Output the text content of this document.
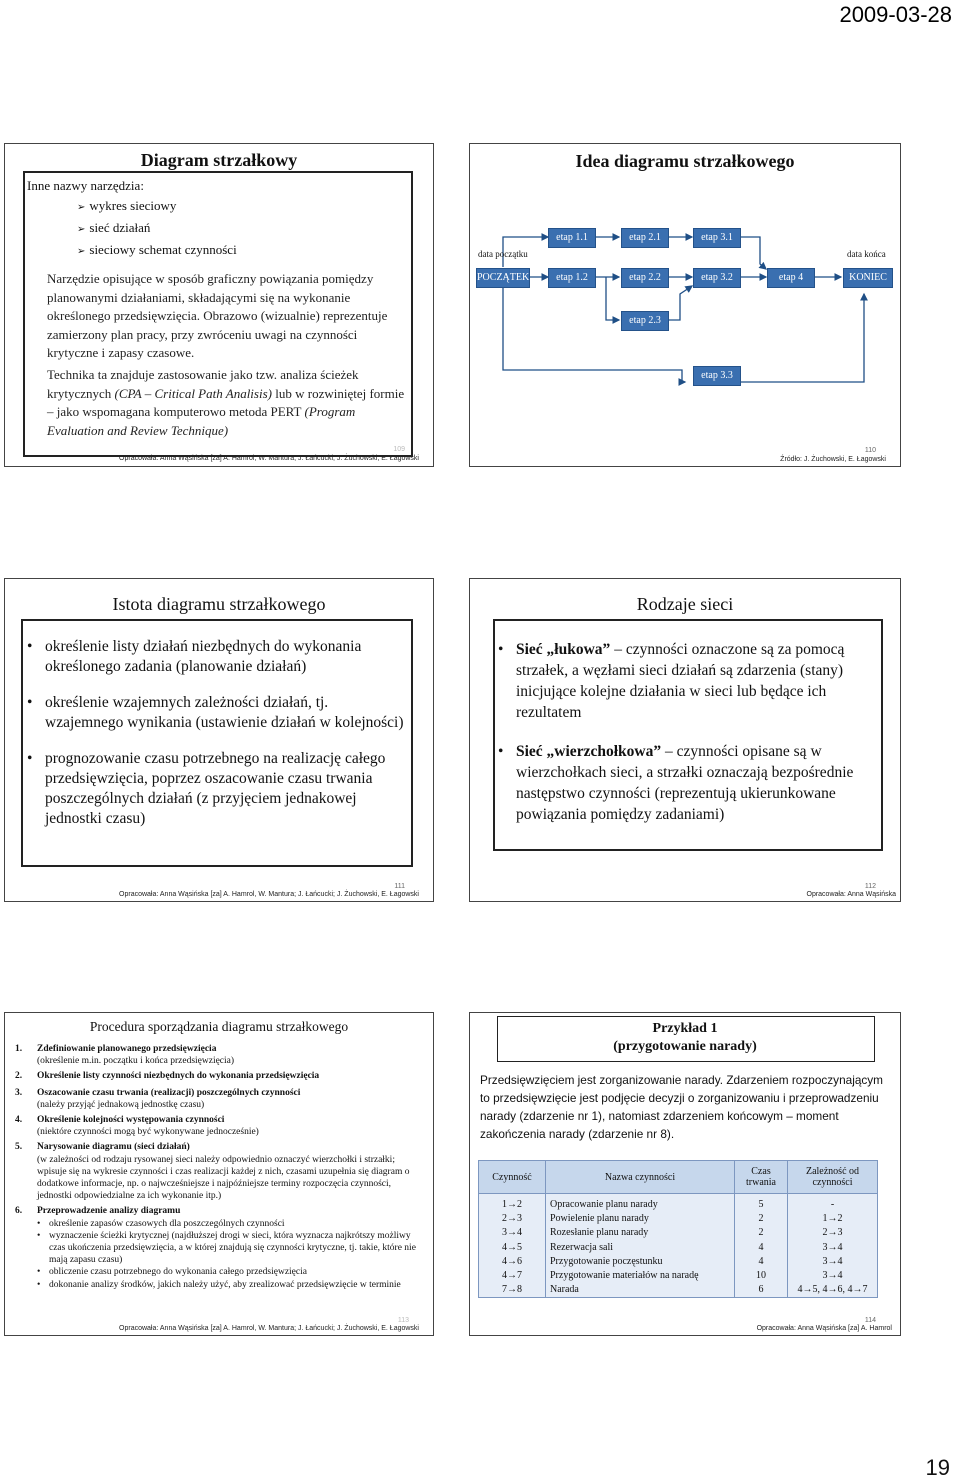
2009-03-28
Diagram strzałkowy
Inne nazwy narzędzia:
➢ wykres sieciowy
➢ sieć działań
➢ sieciowy schemat czynności
Narzędzie opisujące w sposób graficzny powiązania pomiędzy planowanymi działaniami, składającymi się na wykonanie określonego przedsięwzięcia. Obrazowo (wizualnie) reprezentuje zamierzony plan pracy, przy zwróceniu uwagi na czynności krytyczne i zapasy czasowe.
Technika ta znajduje zastosowanie jako tzw. analiza ścieżek krytycznych (CPA – Critical Path Analisis) lub w rozwiniętej formie – jako wspomagana komputerowo metoda PERT (Program Evaluation and Review Technique)
109
Opracowała: Anna Wąsińska [za] A. Hamrol, W. Mantura; J. Łańcucki; J. Żuchowski, E. Łagowski
Idea diagramu strzałkowego
data początku	data końca
POCZĄTEK
etap 1.1	etap 2.1	etap 3.1
etap 1.2	etap 2.2	etap 3.2	etap 4	KONIEC
etap 2.3
etap 3.3
110
Źródło: J. Żuchowski, E. Łagowski
Istota diagramu strzałkowego
• określenie listy działań niezbędnych do wykonania określonego zadania (planowanie działań)
• określenie wzajemnych zależności działań, tj. wzajemnego wynikania (ustawienie działań w kolejności)
• prognozowanie czasu potrzebnego na realizację całego przedsięwzięcia, poprzez oszacowanie czasu trwania poszczególnych działań (z przyjęciem jednakowej jednostki czasu)
111
Opracowała: Anna Wąsińska [za] A. Hamrol, W. Mantura; J. Łańcucki; J. Żuchowski, E. Łagowski
Rodzaje sieci
• Sieć „łukowa” – czynności oznaczone są za pomocą strzałek, a węzłami sieci działań są zdarzenia (stany) inicjujące kolejne działania w sieci lub będące ich rezultatem
• Sieć „wierzchołkowa” – czynności opisane są w wierzchołkach sieci, a strzałki oznaczają bezpośrednie następstwo czynności (reprezentują ukierunkowane powiązania pomiędzy zadaniami)
112
Opracowała: Anna Wąsińska
Procedura sporządzania diagramu strzałkowego
1. Zdefiniowanie planowanego przedsięwzięcia
(określenie m.in. początku i końca przedsięwzięcia)
2. Określenie listy czynności niezbędnych do wykonania przedsięwzięcia
3. Oszacowanie czasu trwania (realizacji) poszczególnych czynności
(należy przyjąć jednakową jednostkę czasu)
4. Określenie kolejności występowania czynności
(niektóre czynności mogą być wykonywane jednocześnie)
5. Narysowanie diagramu (sieci działań)
(w zależności od rodzaju rysowanej sieci należy odpowiednio oznaczyć wierzchołki i strzałki; wpisuje się na wykresie czynności i czas realizacji każdej z nich, czasami uzupełnia się diagram o dodatkowe informacje, np. o najwcześniejsze i najpóźniejsze terminy rozpoczęcia czynności, jednostki odpowiedzialne za ich wykonanie itp.)
6. Przeprowadzenie analizy diagramu
• określenie zapasów czasowych dla poszczególnych czynności
• wyznaczenie ścieżki krytycznej (najdłuższej drogi w sieci, która wyznacza najkrótszy możliwy czas ukończenia przedsięwzięcia, a w której znajdują się czynności krytyczne, tj. takie, które nie mają zapasu czasu)
• obliczenie czasu potrzebnego do wykonania całego przedsięwzięcia
• dokonanie analizy środków, jakich należy użyć, aby zrealizować przedsięwzięcie w terminie
113
Opracowała: Anna Wąsińska [za] A. Hamrol, W. Mantura; J. Łańcucki; J. Żuchowski, E. Łagowski
Przykład 1
(przygotowanie narady)
Przedsięwzięciem jest zorganizowanie narady. Zdarzeniem rozpoczynającym to przedsięwzięcie jest podjęcie decyzji o zorganizowaniu i przeprowadzeniu narady (zdarzenie nr 1), natomiast zdarzeniem końcowym – moment zakończenia narady (zdarzenie nr 8).
Czynność	Nazwa czynności	Czas trwania	Zależność od czynności
1→2	Opracowanie planu narady	5	-
2→3	Powielenie planu narady	2	1→2
3→4	Rozesłanie planu narady	2	2→3
4→5	Rezerwacja sali	4	3→4
4→6	Przygotowanie poczęstunku	4	3→4
4→7	Przygotowanie materiałów na naradę	10	3→4
7→8	Narada	6	4→5, 4→6, 4→7
114
Opracowała: Anna Wąsińska [za] A. Hamrol
19
